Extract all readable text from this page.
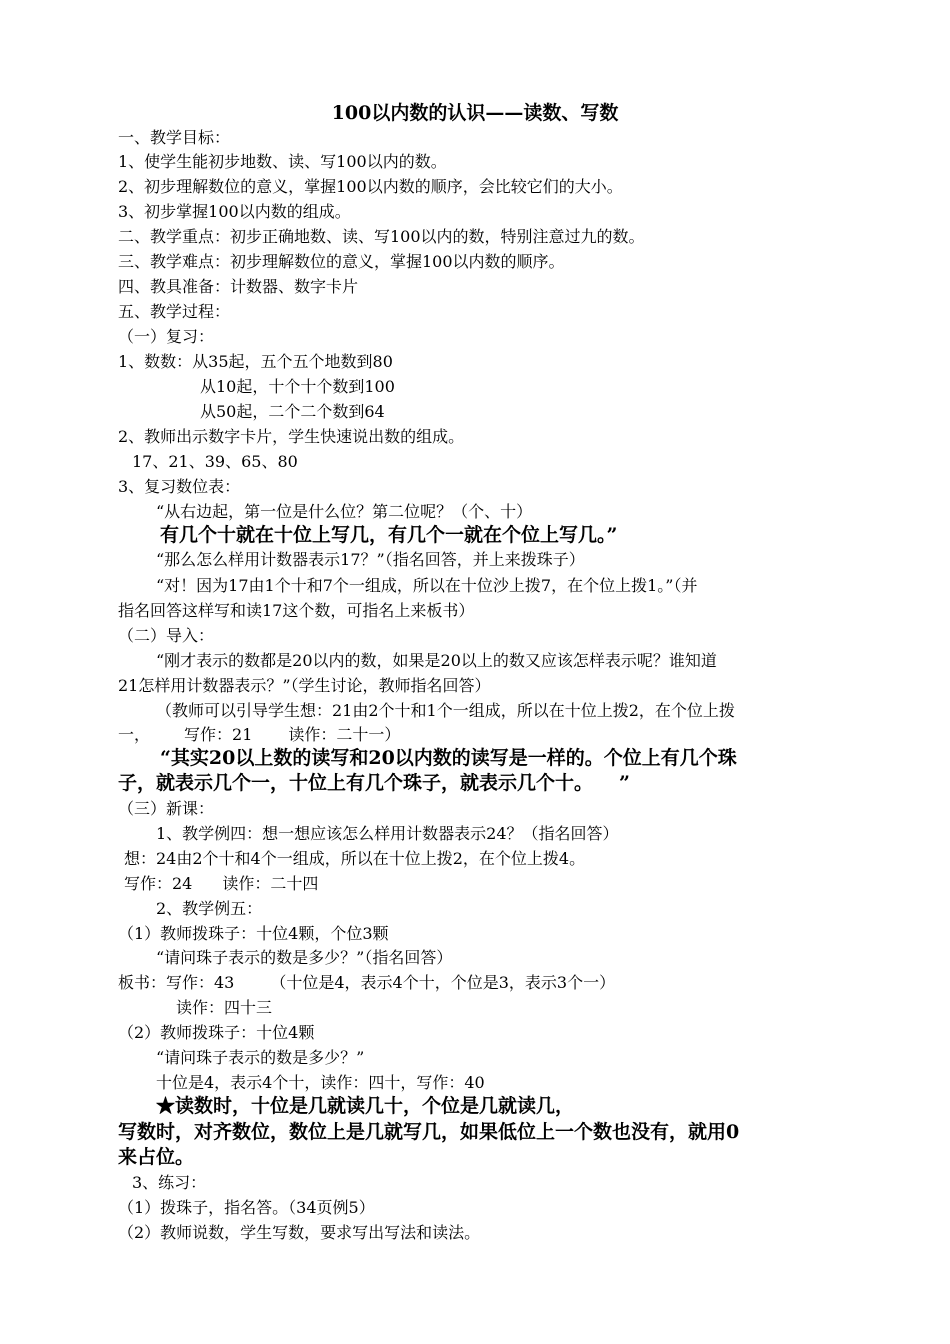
100以内数的认识——读数、写数
一、教学目标：
1、使学生能初步地数、读、写100以内的数。
2、初步理解数位的意义，掌握100以内数的顺序，会比较它们的大小。
3、初步掌握100以内数的组成。
二、教学重点：初步正确地数、读、写100以内的数，特别注意过九的数。
三、教学难点：初步理解数位的意义，掌握100以内数的顺序。
四、教具准备：计数器、数字卡片
五、教学过程：
（一）复习：
1、数数：从35起，五个五个地数到80
从10起，十个十个数到100
从50起，二个二个数到64
2、教师出示数字卡片，学生快速说出数的组成。
17、21、39、65、80
3、复习数位表：
“从右边起，第一位是什么位？第二位呢？（个、十）
有几个十就在十位上写几，有几个一就在个位上写几。”
“那么怎么样用计数器表示17？”（指名回答，并上来拨珠子）
“对！因为17由1个十和7个一组成，所以在十位沙上拨7，在个位上拨1。”（并
指名回答这样写和读17这个数，可指名上来板书）
（二）导入：
“刚才表示的数都是20以内的数，如果是20以上的数又应该怎样表示呢？谁知道
21怎样用计数器表示？”（学生讨论，教师指名回答）
（教师可以引导学生想：21由2个十和1个一组成，所以在十位上拨2，在个位上拨
一， 写作：21 读作：二十一）
“其实20以上数的读写和20以内数的读写是一样的。个位上有几个珠
子，就表示几个一，十位上有几个珠子，就表示几个十。 ”
（三）新课：
1、教学例四：想一想应该怎么样用计数器表示24？（指名回答）
想：24由2个十和4个一组成，所以在十位上拨2，在个位上拨4。
写作：24 读作：二十四
2、教学例五：
（1）教师拨珠子：十位4颗，个位3颗
“请问珠子表示的数是多少？”（指名回答）
板书：写作：43 （十位是4，表示4个十，个位是3，表示3个一）
读作：四十三
（2）教师拨珠子：十位4颗
“请问珠子表示的数是多少？”
十位是4，表示4个十，读作：四十，写作：40
★读数时，十位是几就读几十，个位是几就读几，
写数时，对齐数位，数位上是几就写几，如果低位上一个数也没有，就用0
来占位。
3、练习：
（1）拨珠子，指名答。（34页例5）
（2）教师说数，学生写数，要求写出写法和读法。
